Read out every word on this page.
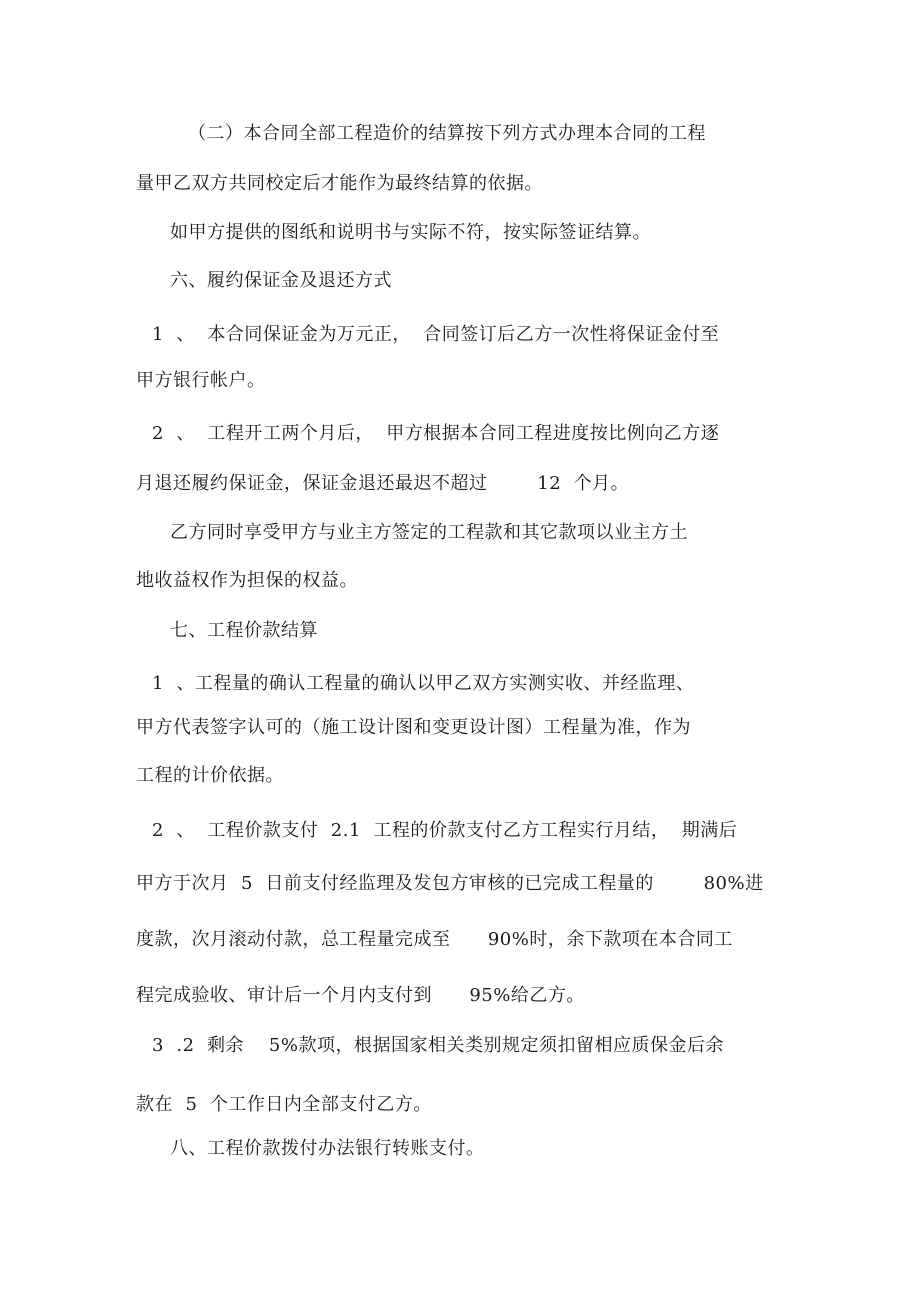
（二）本合同全部工程造价的结算按下列方式办理本合同的工程

量甲乙双方共同校定后才能作为最终结算的依据。

如甲方提供的图纸和说明书与实际不符，按实际签证结算。

六、履约保证金及退还方式

1  、  本合同保证金为万元正，  合同签订后乙方一次性将保证金付至

甲方银行帐户。

2  、  工程开工两个月后，  甲方根据本合同工程进度按比例向乙方逐

月退还履约保证金，保证金退还最迟不超过        12  个月。

乙方同时享受甲方与业主方签定的工程款和其它款项以业主方土

地收益权作为担保的权益。

七、工程价款结算

1  、工程量的确认工程量的确认以甲乙双方实测实收、并经监理、

甲方代表签字认可的（施工设计图和变更设计图）工程量为准，作为

工程的计价依据。

2  、  工程价款支付  2.1  工程的价款支付乙方工程实行月结，  期满后

甲方于次月  5  日前支付经监理及发包方审核的已完成工程量的        80%进

度款，次月滚动付款，总工程量完成至      90%时，余下款项在本合同工

程完成验收、审计后一个月内支付到      95%给乙方。

3  .2  剩余    5%款项，根据国家相关类别规定须扣留相应质保金后余

款在  5  个工作日内全部支付乙方。

八、工程价款拨付办法银行转账支付。
